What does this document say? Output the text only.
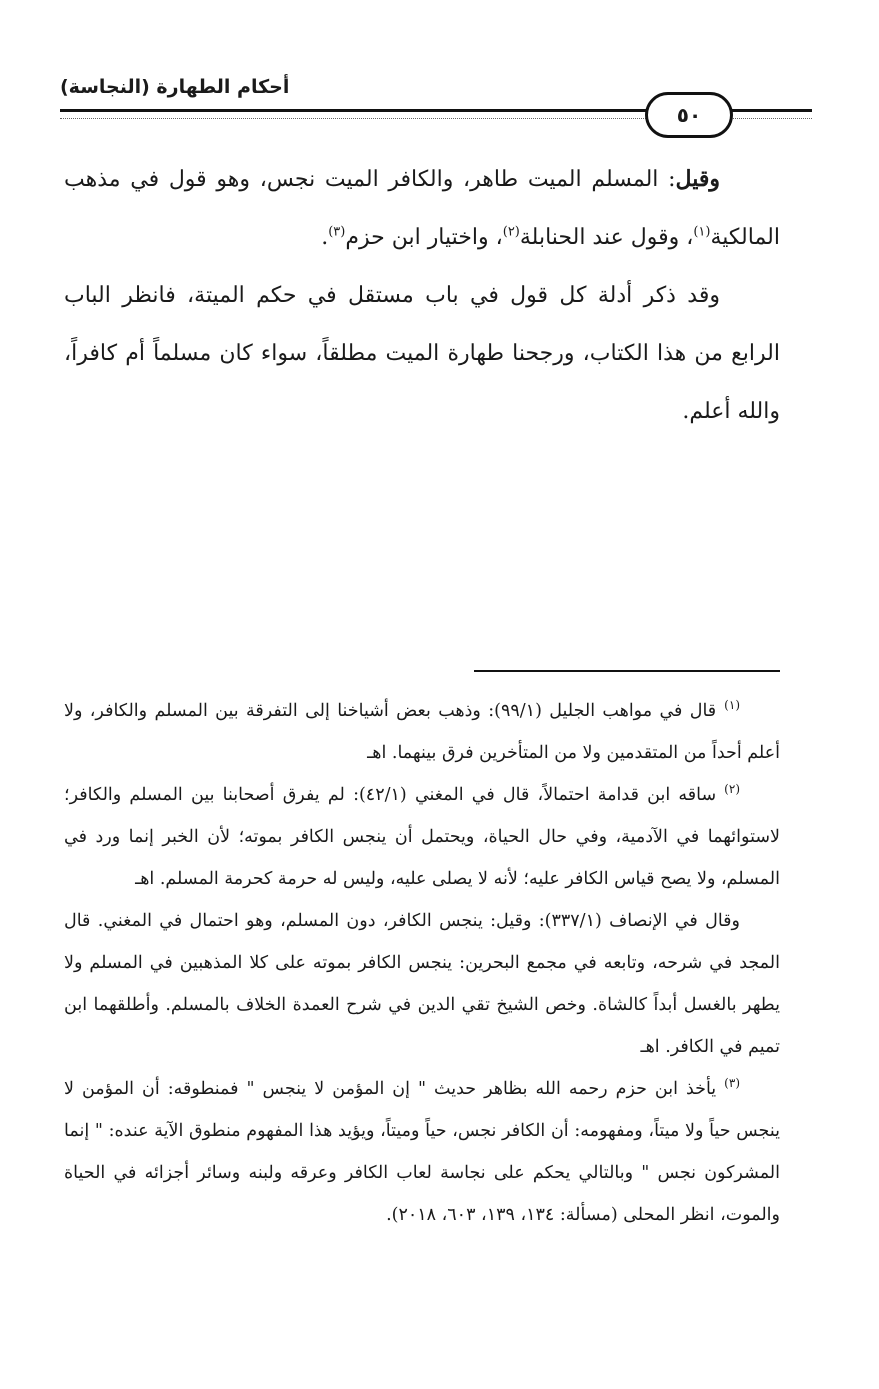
أحكام الطهارة (النجاسة)
٥٠

وقيل: المسلم الميت طاهر، والكافر الميت نجس، وهو قول في مذهب المالكية$^{(١)}$، وقول عند الحنابلة$^{(٢)}$، واختيار ابن حزم$^{(٣)}$.

وقد ذكر أدلة كل قول في باب مستقل في حكم الميتة، فانظر الباب الرابع من هذا الكتاب، ورجحنا طهارة الميت مطلقاً، سواء كان مسلماً أم كافراً، والله أعلم.

$^{(١)}$قال في مواهب الجليل (٩٩/١): وذهب بعض أشياخنا إلى التفرقة بين المسلم والكافر، ولا أعلم أحداً من المتقدمين ولا من المتأخرين فرق بينهما. اهـ

$^{(٢)}$ساقه ابن قدامة احتمالاً، قال في المغني (٤٢/١): لم يفرق أصحابنا بين المسلم والكافر؛ لاستوائهما في الآدمية، وفي حال الحياة، ويحتمل أن ينجس الكافر بموته؛ لأن الخبر إنما ورد في المسلم، ولا يصح قياس الكافر عليه؛ لأنه لا يصلى عليه، وليس له حرمة كحرمة المسلم. اهـ

وقال في الإنصاف (٣٣٧/١): وقيل: ينجس الكافر، دون المسلم، وهو احتمال في المغني. قال المجد في شرحه، وتابعه في مجمع البحرين: ينجس الكافر بموته على كلا المذهبين في المسلم ولا يطهر بالغسل أبداً كالشاة. وخص الشيخ تقي الدين في شرح العمدة الخلاف بالمسلم. وأطلقهما ابن تميم في الكافر. اهـ

$^{(٣)}$يأخذ ابن حزم رحمه الله بظاهر حديث " إن المؤمن لا ينجس " فمنطوقه: أن المؤمن لا ينجس حياً ولا ميتاً، ومفهومه: أن الكافر نجس، حياً وميتاً، ويؤيد هذا المفهوم منطوق الآية عنده: " إنما المشركون نجس " وبالتالي يحكم على نجاسة لعاب الكافر وعرقه ولبنه وسائر أجزائه في الحياة والموت، انظر المحلى (مسألة: ١٣٤، ١٣٩، ٦٠٣، ٢٠١٨).
